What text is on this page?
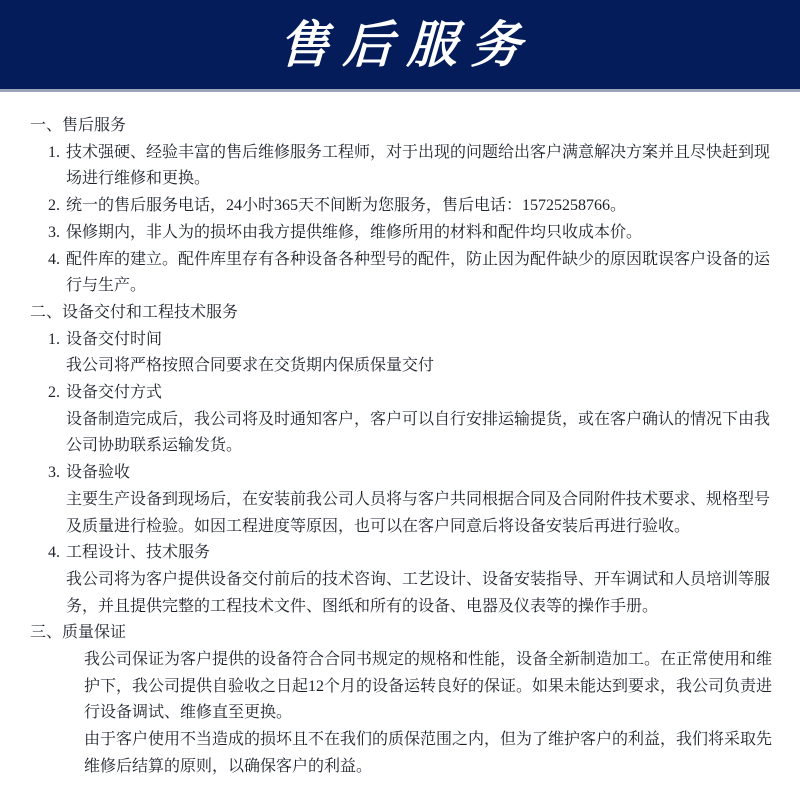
售后服务
一、 售后服务
1. 技术强硬、经验丰富的售后维修服务工程师，对于出现的问题给出客户满意解决方案并且尽快赶到现场进行维修和更换。
2. 统一的售后服务电话，24小时365天不间断为您服务，售后电话：15725258766。
3. 保修期内，非人为的损坏由我方提供维修，维修所用的材料和配件均只收成本价。
4. 配件库的建立。配件库里存有各种设备各种型号的配件，防止因为配件缺少的原因耽误客户设备的运行与生产。
二、 设备交付和工程技术服务
1. 设备交付时间
我公司将严格按照合同要求在交货期内保质保量交付
2. 设备交付方式
设备制造完成后，我公司将及时通知客户，客户可以自行安排运输提货，或在客户确认的情况下由我公司协助联系运输发货。
3. 设备验收
主要生产设备到现场后，在安装前我公司人员将与客户共同根据合同及合同附件技术要求、规格型号及质量进行检验。如因工程进度等原因，也可以在客户同意后将设备安装后再进行验收。
4. 工程设计、技术服务
我公司将为客户提供设备交付前后的技术咨询、工艺设计、设备安装指导、开车调试和人员培训等服务，并且提供完整的工程技术文件、图纸和所有的设备、电器及仪表等的操作手册。
三、 质量保证
我公司保证为客户提供的设备符合合同书规定的规格和性能，设备全新制造加工。在正常使用和维护下，我公司提供自验收之日起12个月的设备运转良好的保证。如果未能达到要求，我公司负责进行设备调试、维修直至更换。
由于客户使用不当造成的损坏且不在我们的质保范围之内，但为了维护客户的利益，我们将采取先维修后结算的原则，以确保客户的利益。
